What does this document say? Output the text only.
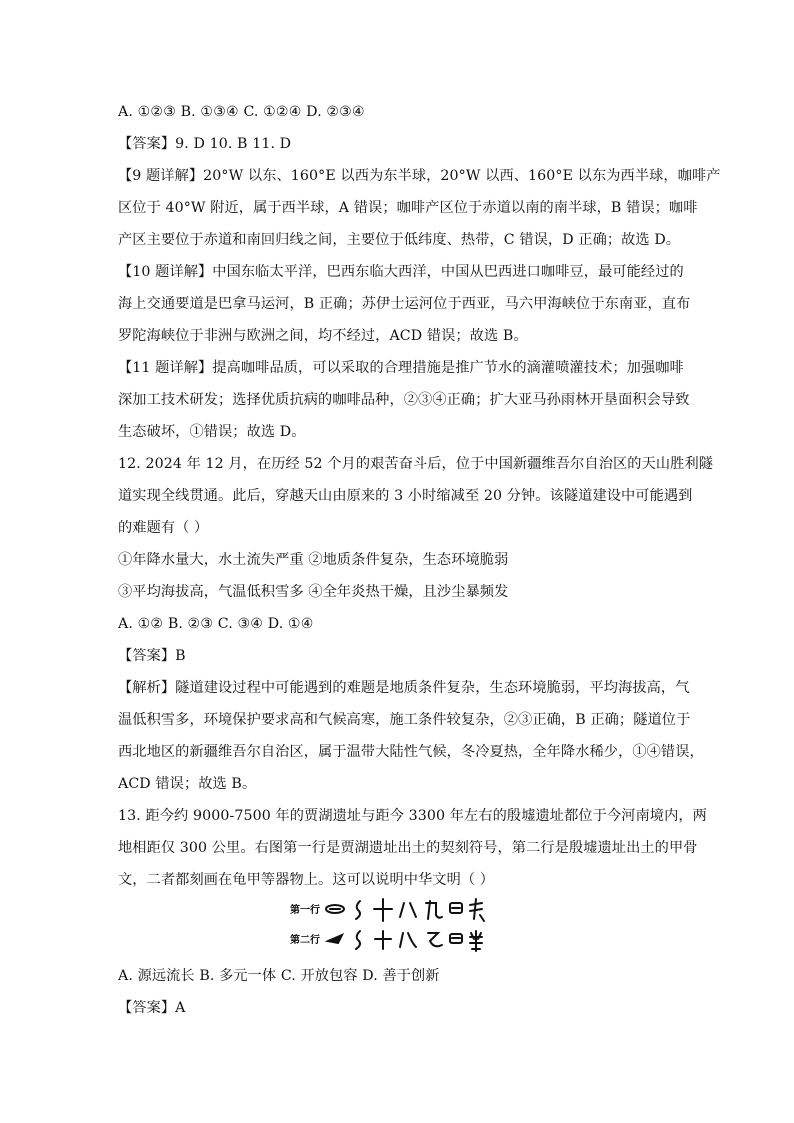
A. ①②③ B. ①③④ C. ①②④ D. ②③④
【答案】9. D 10. B 11. D
【9 题详解】20°W 以东、160°E 以西为东半球，20°W 以西、160°E 以东为西半球，咖啡产
区位于 40°W 附近，属于西半球，A 错误；咖啡产区位于赤道以南的南半球，B 错误；咖啡
产区主要位于赤道和南回归线之间，主要位于低纬度、热带，C 错误，D 正确；故选 D。
【10 题详解】中国东临太平洋，巴西东临大西洋，中国从巴西进口咖啡豆，最可能经过的
海上交通要道是巴拿马运河，B 正确；苏伊士运河位于西亚，马六甲海峡位于东南亚，直布
罗陀海峡位于非洲与欧洲之间，均不经过，ACD 错误；故选 B。
【11 题详解】提高咖啡品质，可以采取的合理措施是推广节水的滴灌喷灌技术；加强咖啡
深加工技术研发；选择优质抗病的咖啡品种，②③④正确；扩大亚马孙雨林开垦面积会导致
生态破坏，①错误；故选 D。
12. 2024 年 12 月，在历经 52 个月的艰苦奋斗后，位于中国新疆维吾尔自治区的天山胜利隧
道实现全线贯通。此后，穿越天山由原来的 3 小时缩减至 20 分钟。该隧道建设中可能遇到
的难题有（ ）
①年降水量大，水土流失严重 ②地质条件复杂，生态环境脆弱
③平均海拔高，气温低积雪多 ④全年炎热干燥，且沙尘暴频发
A. ①② B. ②③ C. ③④ D. ①④
【答案】B
【解析】隧道建设过程中可能遇到的难题是地质条件复杂，生态环境脆弱，平均海拔高，气
温低积雪多，环境保护要求高和气候高寒，施工条件较复杂，②③正确，B 正确；隧道位于
西北地区的新疆维吾尔自治区，属于温带大陆性气候，冬冷夏热，全年降水稀少，①④错误，
ACD 错误；故选 B。
13. 距今约 9000-7500 年的贾湖遗址与距今 3300 年左右的殷墟遗址都位于今河南境内，两
地相距仅 300 公里。右图第一行是贾湖遗址出土的契刻符号，第二行是殷墟遗址出土的甲骨
文，二者都刻画在龟甲等器物上。这可以说明中华文明（ ）
第一行
第二行
A. 源远流长 B. 多元一体 C. 开放包容 D. 善于创新
【答案】A
